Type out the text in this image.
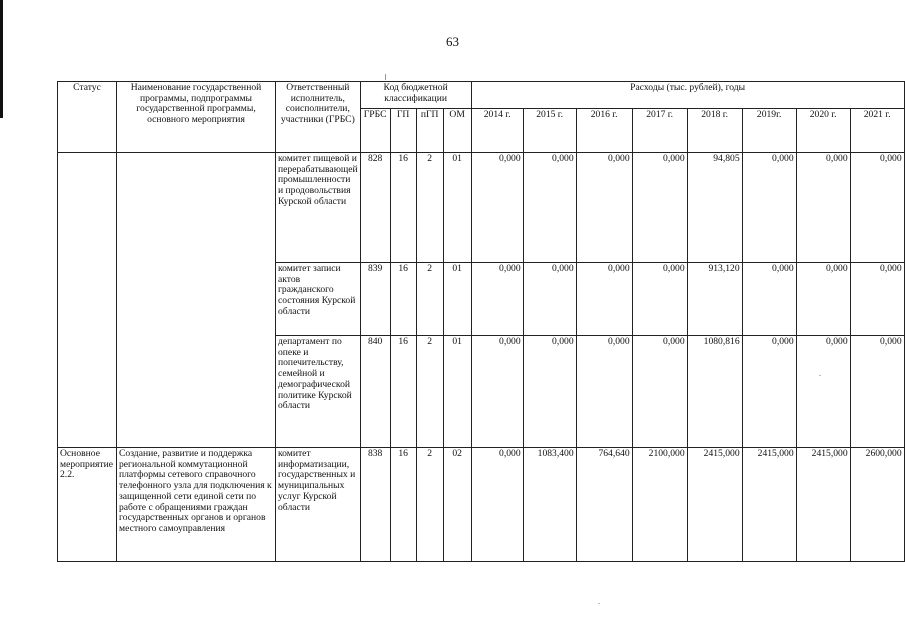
63
Статус	Наименование государственной программы, подпрограммы государственной программы, основного мероприятия	Ответственный исполнитель, соисполнители, участники (ГРБС)	Код бюджетной классификации				Расходы (тыс. рублей), годы							
			ГРБС	ГП	пГП	ОМ	2014 г.	2015 г.	2016 г.	2017 г.	2018 г.	2019г.	2020 г.	2021 г.
		комитет пищевой и перерабатывающей промышленности и продовольствия Курской области	828	16	2	01	0,000	0,000	0,000	0,000	94,805	0,000	0,000	0,000
		комитет записи актов гражданского состояния Курской области	839	16	2	01	0,000	0,000	0,000	0,000	913,120	0,000	0,000	0,000
		департамент по опеке и попечительству, семейной и демографической политике Курской области	840	16	2	01	0,000	0,000	0,000	0,000	1080,816	0,000	0,000	0,000
Основное мероприятие 2.2.	Создание, развитие и поддержка региональной коммутационной платформы сетевого справочного телефонного узла для подключения к защищенной сети единой сети по работе с обращениями граждан государственных органов и органов местного самоуправления	комитет информатизации, государственных и муниципальных услуг Курской области	838	16	2	02	0,000	1083,400	764,640	2100,000	2415,000	2415,000	2415,000	2600,000
